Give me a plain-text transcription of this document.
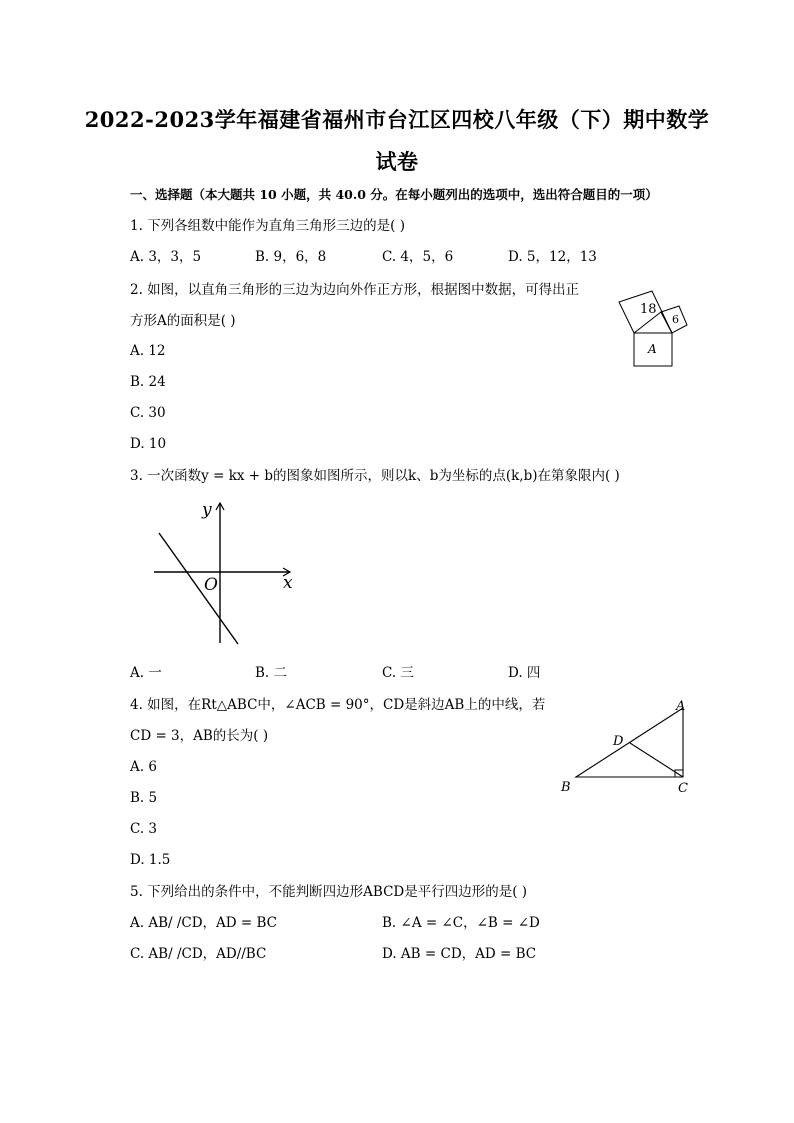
2022-2023学年福建省福州市台江区四校八年级（下）期中数学
试卷
一、选择题（本大题共 10 小题，共 40.0 分。在每小题列出的选项中，选出符合题目的一项）
1. 下列各组数中能作为直角三角形三边的是( )
A. 3，3，5	B. 9，6，8	C. 4，5，6	D. 5，12，13
2. 如图，以直角三角形的三边为边向外作正方形，根据图中数据，可得出正
方形A的面积是( )
A. 12
B. 24
C. 30
D. 10
18
6
A
3. 一次函数y = kx + b的图象如图所示，则以k、b为坐标的点(k,b)在第象限内( )
y
x
O
A. 一	B. 二	C. 三	D. 四
4. 如图，在Rt△ABC中，∠ACB = 90°，CD是斜边AB上的中线，若
CD = 3，AB的长为( )
A. 6
B. 5
C. 3
D. 1.5
A
B	C
D
5. 下列给出的条件中，不能判断四边形ABCD是平行四边形的是( )
A. AB/ /CD，AD = BC	B. ∠A = ∠C，∠B = ∠D
C. AB/ /CD，AD//BC	D. AB = CD，AD = BC
